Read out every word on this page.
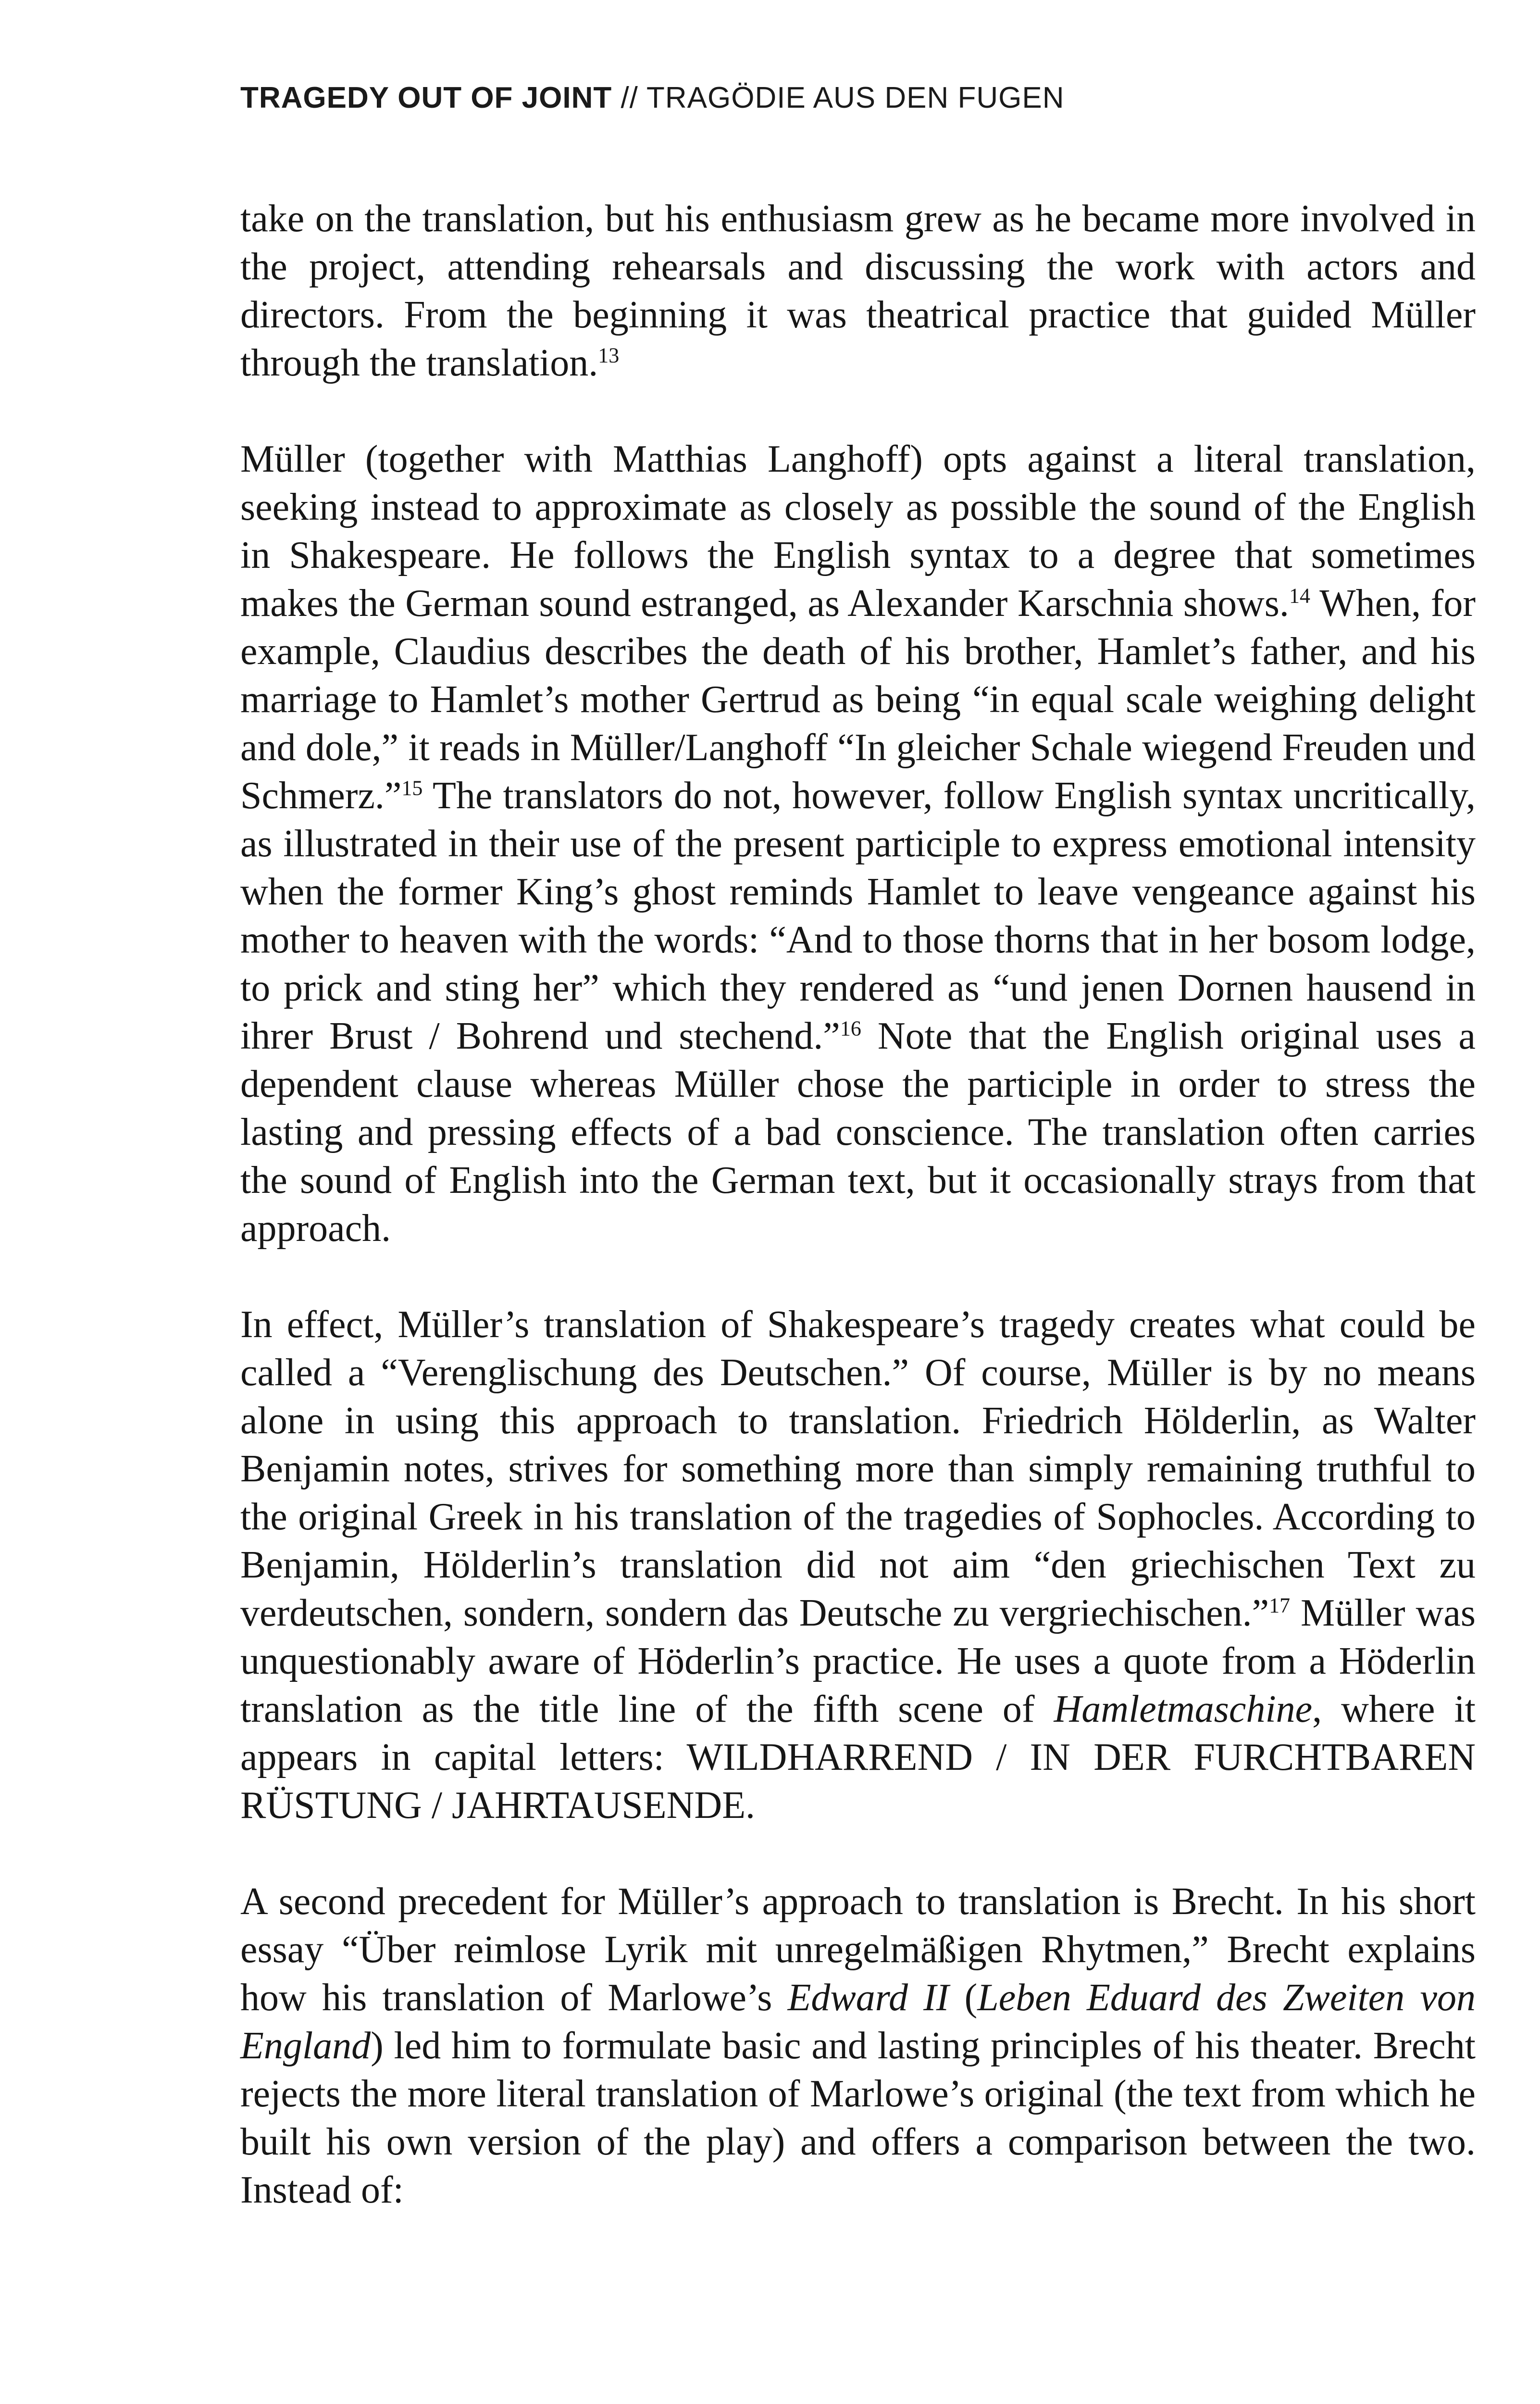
TRAGEDY OUT OF JOINT // TRAGÖDIE AUS DEN FUGEN

take on the translation, but his enthusiasm grew as he became more involved in the project, attending rehearsals and discussing the work with actors and directors. From the beginning it was theatrical practice that guided Müller through the translation.$^{13}$

Müller (together with Matthias Langhoff) opts against a literal translation, seeking instead to approximate as closely as possible the sound of the English in Shakespeare. He follows the English syntax to a degree that sometimes makes the German sound estranged, as Alexander Karschnia shows.$^{14}$ When, for example, Claudius describes the death of his brother, Hamlet’s father, and his marriage to Hamlet’s mother Gertrud as being “in equal scale weighing delight and dole,” it reads in Müller/Langhoff “In gleicher Schale wiegend Freuden und Schmerz.”$^{15}$ The translators do not, however, follow English syntax uncritically, as illustrated in their use of the present participle to express emotional intensity when the former King’s ghost reminds Hamlet to leave vengeance against his mother to heaven with the words: “And to those thorns that in her bosom lodge, to prick and sting her” which they rendered as “und jenen Dornen hausend in ihrer Brust / Bohrend und stechend.”$^{16}$ Note that the English original uses a dependent clause whereas Müller chose the participle in order to stress the lasting and pressing effects of a bad conscience. The translation often carries the sound of English into the German text, but it occasionally strays from that approach.

In effect, Müller’s translation of Shakespeare’s tragedy creates what could be called a “Verenglischung des Deutschen.” Of course, Müller is by no means alone in using this approach to translation. Friedrich Hölderlin, as Walter Benjamin notes, strives for something more than simply remaining truthful to the original Greek in his translation of the tragedies of Sophocles. According to Benjamin, Hölderlin’s translation did not aim “den griechischen Text zu verdeutschen, sondern, sondern das Deutsche zu vergriechischen.”$^{17}$ Müller was unquestionably aware of Höderlin’s practice. He uses a quote from a Höderlin translation as the title line of the fifth scene of Hamletmaschine, where it appears in capital letters: WILDHARREND / IN DER FURCHTBAREN RÜSTUNG / JAHRTAUSENDE.

A second precedent for Müller’s approach to translation is Brecht. In his short essay “Über reimlose Lyrik mit unregelmäßigen Rhytmen,” Brecht explains how his translation of Marlowe’s Edward II (Leben Eduard des Zweiten von England) led him to formulate basic and lasting principles of his theater. Brecht rejects the more literal translation of Marlowe’s original (the text from which he built his own version of the play) and offers a comparison between the two. Instead of:
